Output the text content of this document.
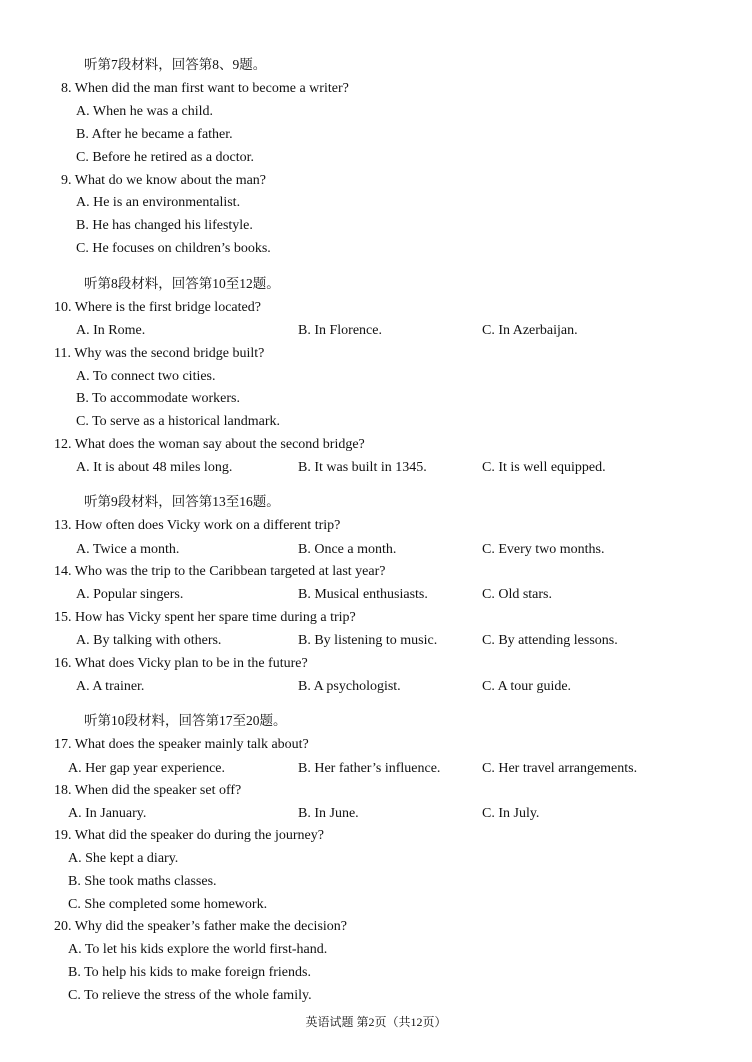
听第7段材料，回答第8、9题。
8. When did the man first want to become a writer?
A. When he was a child.
B. After he became a father.
C. Before he retired as a doctor.
9. What do we know about the man?
A. He is an environmentalist.
B. He has changed his lifestyle.
C. He focuses on children’s books.
听第8段材料，回答第10至12题。
10. Where is the first bridge located?
A. In Rome.	B. In Florence.	C. In Azerbaijan.
11. Why was the second bridge built?
A. To connect two cities.
B. To accommodate workers.
C. To serve as a historical landmark.
12. What does the woman say about the second bridge?
A. It is about 48 miles long.	B. It was built in 1345.	C. It is well equipped.
听第9段材料，回答第13至16题。
13. How often does Vicky work on a different trip?
A. Twice a month.	B. Once a month.	C. Every two months.
14. Who was the trip to the Caribbean targeted at last year?
A. Popular singers.	B. Musical enthusiasts.	C. Old stars.
15. How has Vicky spent her spare time during a trip?
A. By talking with others.	B. By listening to music.	C. By attending lessons.
16. What does Vicky plan to be in the future?
A. A trainer.	B. A psychologist.	C. A tour guide.
听第10段材料，回答第17至20题。
17. What does the speaker mainly talk about?
A. Her gap year experience.	B. Her father’s influence.	C. Her travel arrangements.
18. When did the speaker set off?
A. In January.	B. In June.	C. In July.
19. What did the speaker do during the journey?
A. She kept a diary.
B. She took maths classes.
C. She completed some homework.
20. Why did the speaker’s father make the decision?
A. To let his kids explore the world first-hand.
B. To help his kids to make foreign friends.
C. To relieve the stress of the whole family.
英语试题 第2页（共12页）
